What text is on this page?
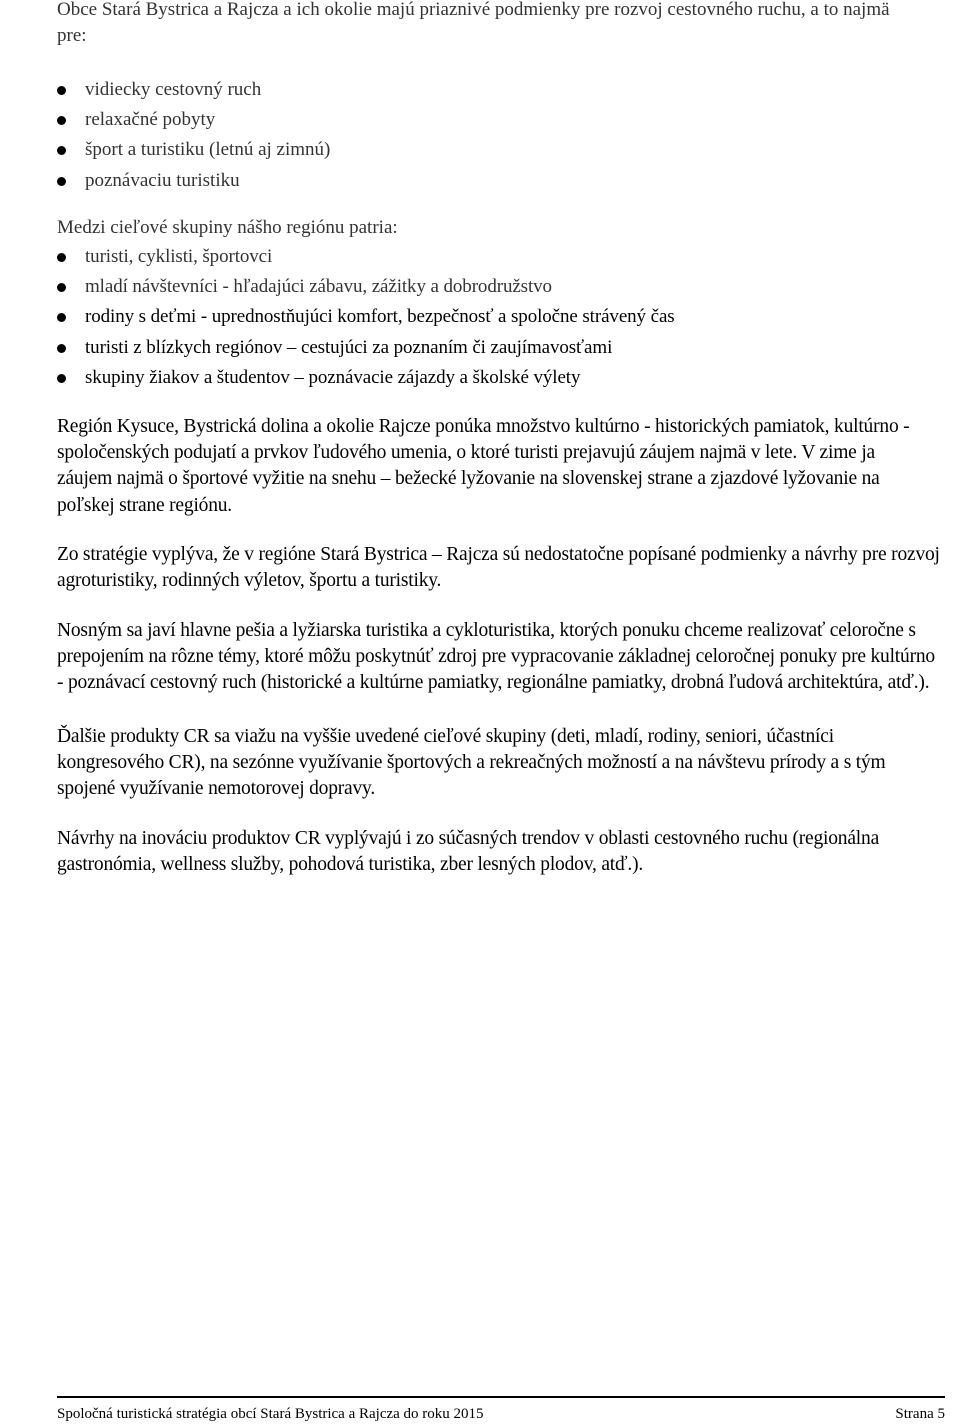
Obce Stará Bystrica a Rajcza a ich okolie majú priaznivé podmienky pre rozvoj cestovného ruchu, a to najmä pre:

vidiecky cestovný ruch
relaxačné pobyty
šport a turistiku (letnú aj zimnú)
poznávaciu turistiku

Medzi cieľové skupiny nášho regiónu patria:

turisti, cyklisti, športovci
mladí návštevníci - hľadajúci zábavu, zážitky a dobrodružstvo
rodiny s deťmi - uprednostňujúci komfort, bezpečnosť a spoločne strávený čas
turisti z blízkych regiónov – cestujúci za poznaním či zaujímavosťami
skupiny žiakov a študentov – poznávacie zájazdy a školské výlety

Región Kysuce, Bystrická dolina a okolie Rajcze ponúka množstvo kultúrno - historických pamiatok, kultúrno - spoločenských podujatí a prvkov ľudového umenia, o ktoré turisti prejavujú záujem najmä v lete. V zime ja záujem najmä o športové vyžitie na snehu – bežecké lyžovanie na slovenskej strane a zjazdové lyžovanie na poľskej strane regiónu.

Zo stratégie vyplýva, že v regióne Stará Bystrica – Rajcza sú nedostatočne popísané podmienky a návrhy pre rozvoj agroturistiky, rodinných výletov, športu a turistiky.

Nosným sa javí hlavne pešia a lyžiarska turistika a cykloturistika, ktorých ponuku chceme realizovať celoročne s prepojením na rôzne témy, ktoré môžu poskytnúť zdroj pre vypracovanie základnej celoročnej ponuky pre kultúrno - poznávací cestovný ruch (historické a kultúrne pamiatky, regionálne pamiatky, drobná ľudová architektúra, atď.).

Ďalšie produkty CR sa viažu na vyššie uvedené cieľové skupiny (deti, mladí, rodiny, seniori, účastníci kongresového CR), na sezónne využívanie športových a rekreačných možností a na návštevu prírody a s tým spojené využívanie nemotorovej dopravy.

Návrhy na inováciu produktov CR vyplývajú i zo súčasných trendov v oblasti cestovného ruchu (regionálna gastronómia, wellness služby, pohodová turistika, zber lesných plodov, atď.).

Spoločná turistická stratégia obcí Stará Bystrica a Rajcza do roku 2015	Strana 5
